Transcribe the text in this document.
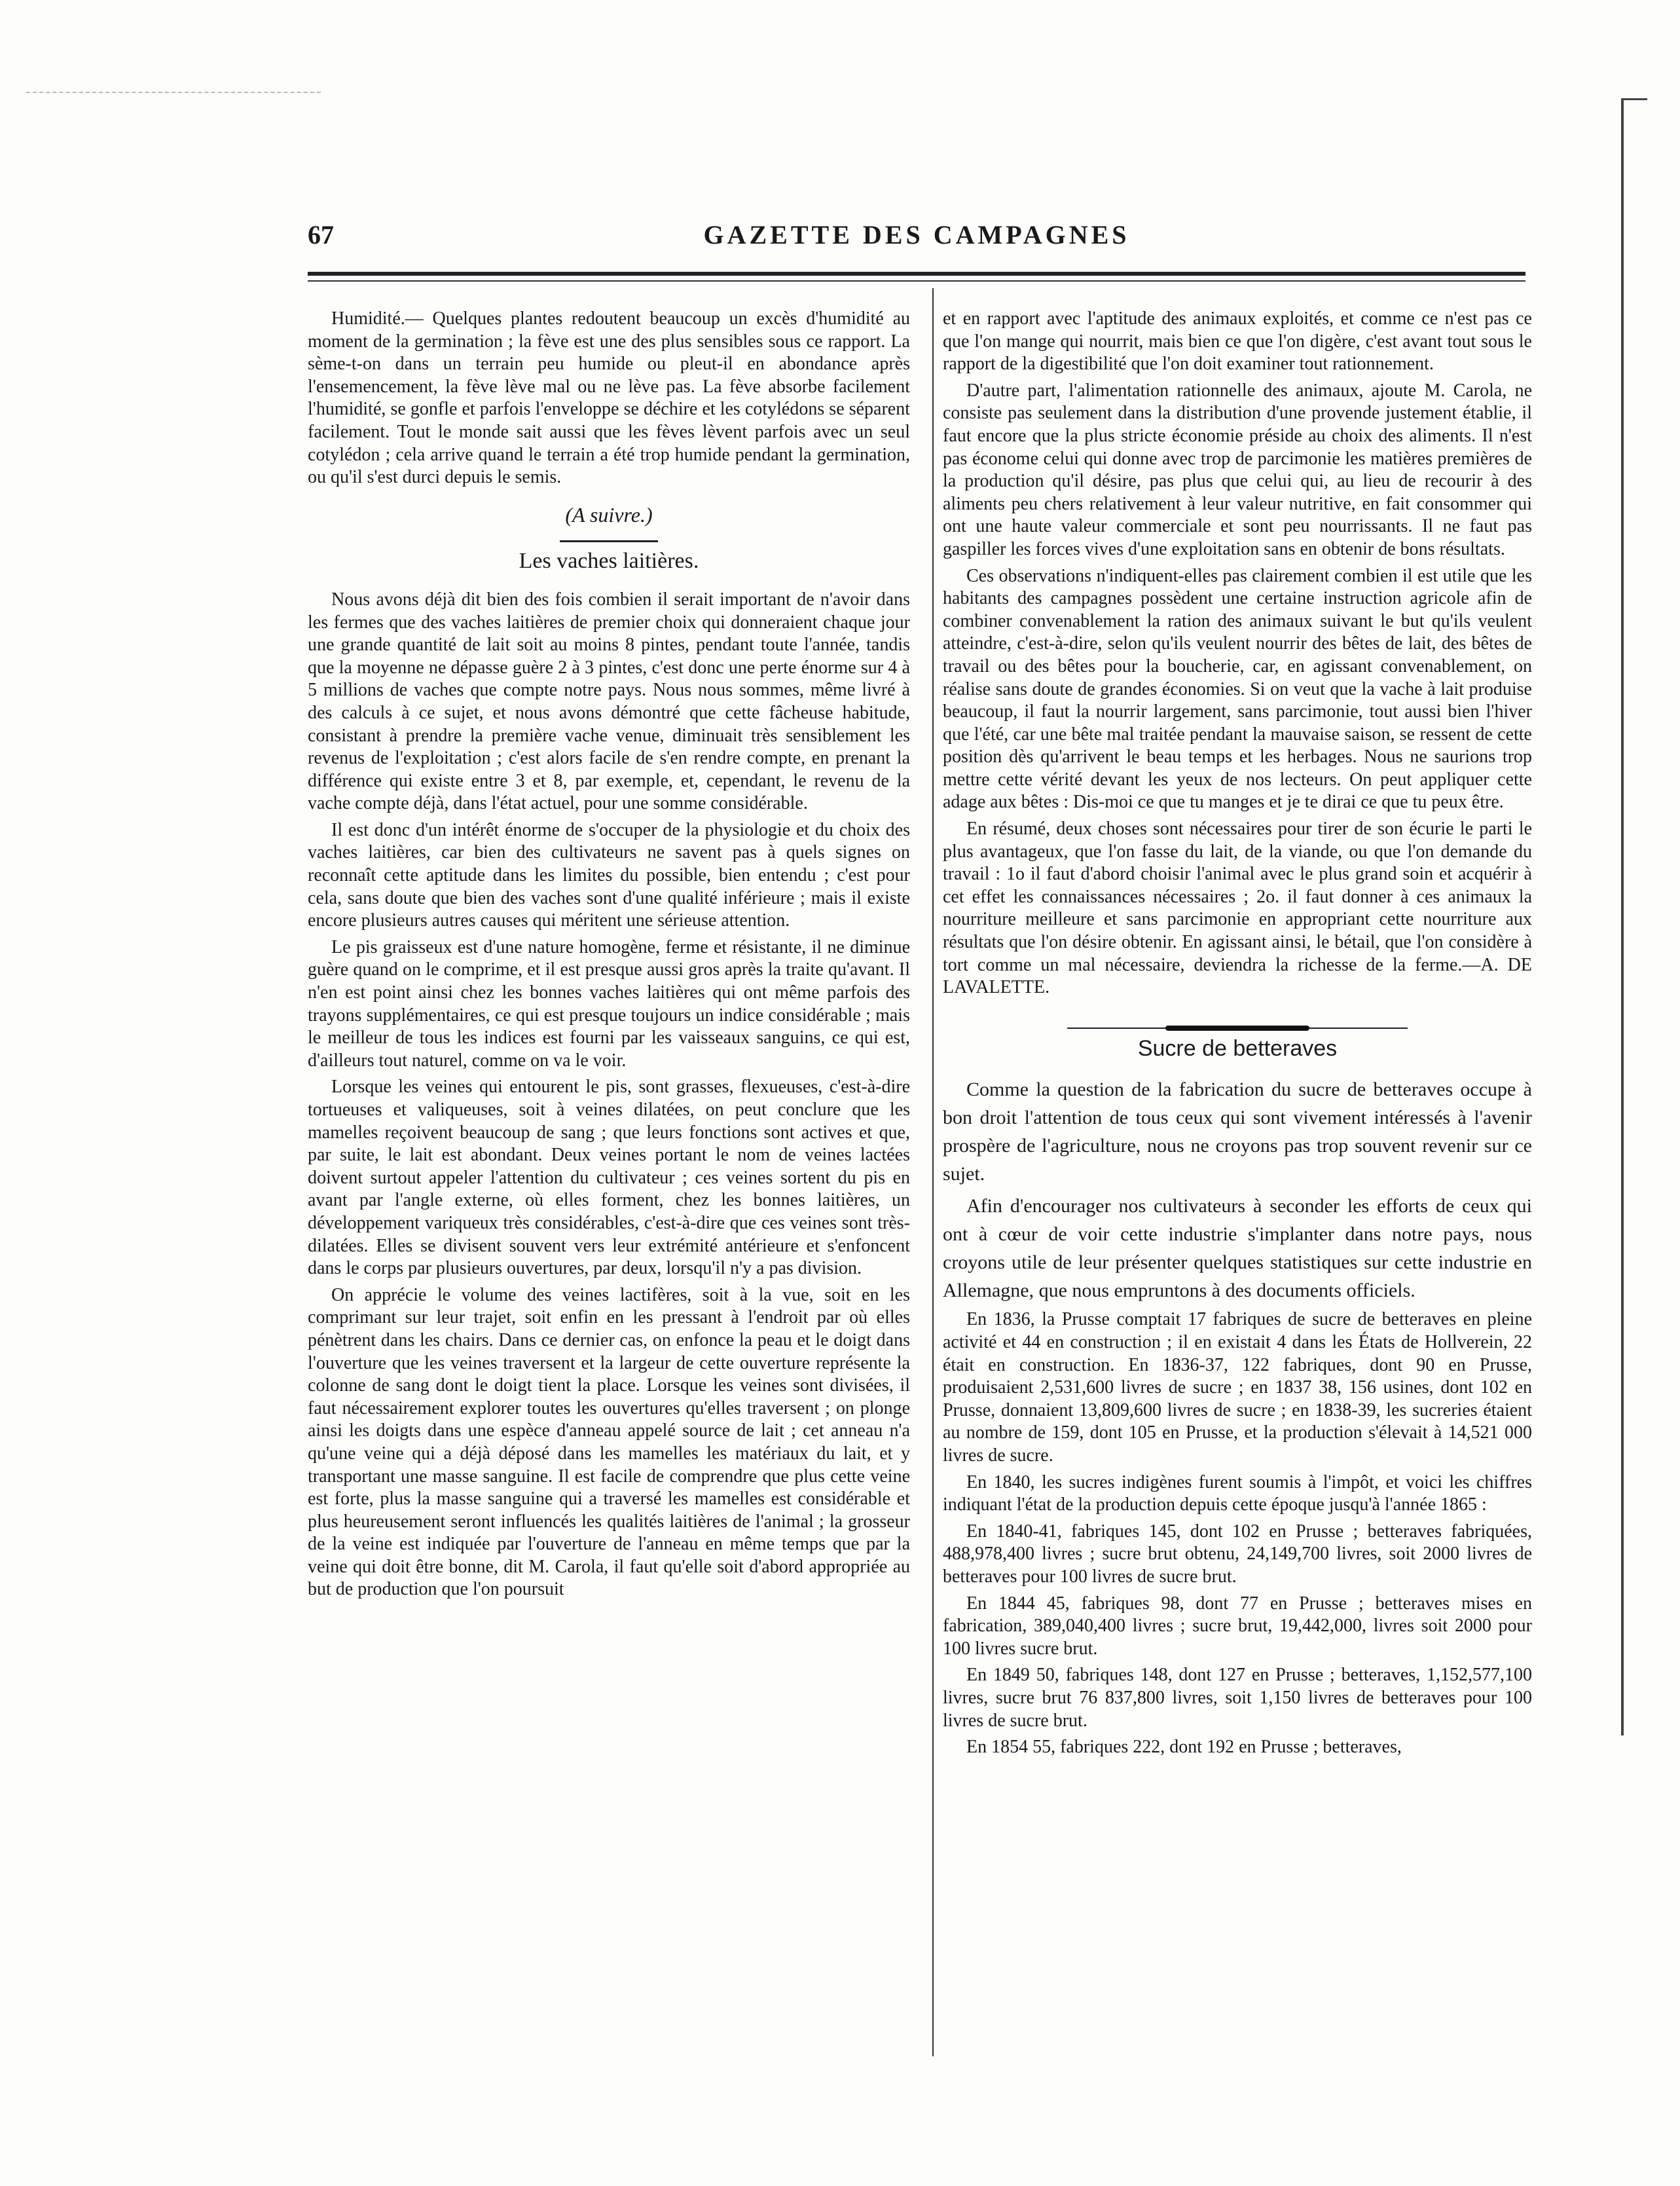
67	GAZETTE DES CAMPAGNES

Humidité.— Quelques plantes redoutent beaucoup un excès d'humidité au moment de la germination ; la fève est une des plus sensibles sous ce rapport. La sème-t-on dans un terrain peu humide ou pleut-il en abondance après l'ensemencement, la fève lève mal ou ne lève pas. La fève absorbe facilement l'humidité, se gonfle et parfois l'enveloppe se déchire et les cotylédons se séparent facilement. Tout le monde sait aussi que les fèves lèvent parfois avec un seul cotylédon ; cela arrive quand le terrain a été trop humide pendant la germination, ou qu'il s'est durci depuis le semis.

(A suivre.)
Les vaches laitières.

Nous avons déjà dit bien des fois combien il serait important de n'avoir dans les fermes que des vaches laitières de premier choix qui donneraient chaque jour une grande quantité de lait soit au moins 8 pintes, pendant toute l'année, tandis que la moyenne ne dépasse guère 2 à 3 pintes, c'est donc une perte énorme sur 4 à 5 millions de vaches que compte notre pays. Nous nous sommes, même livré à des calculs à ce sujet, et nous avons démontré que cette fâcheuse habitude, consistant à prendre la première vache venue, diminuait très sensiblement les revenus de l'exploitation ; c'est alors facile de s'en rendre compte, en prenant la différence qui existe entre 3 et 8, par exemple, et, cependant, le revenu de la vache compte déjà, dans l'état actuel, pour une somme considérable.

Il est donc d'un intérêt énorme de s'occuper de la physiologie et du choix des vaches laitières, car bien des cultivateurs ne savent pas à quels signes on reconnaît cette aptitude dans les limites du possible, bien entendu ; c'est pour cela, sans doute que bien des vaches sont d'une qualité inférieure ; mais il existe encore plusieurs autres causes qui méritent une sérieuse attention.

Le pis graisseux est d'une nature homogène, ferme et résistante, il ne diminue guère quand on le comprime, et il est presque aussi gros après la traite qu'avant. Il n'en est point ainsi chez les bonnes vaches laitières qui ont même parfois des trayons supplémentaires, ce qui est presque toujours un indice considérable ; mais le meilleur de tous les indices est fourni par les vaisseaux sanguins, ce qui est, d'ailleurs tout naturel, comme on va le voir.

Lorsque les veines qui entourent le pis, sont grasses, flexueuses, c'est-à-dire tortueuses et valiqueuses, soit à veines dilatées, on peut conclure que les mamelles reçoivent beaucoup de sang ; que leurs fonctions sont actives et que, par suite, le lait est abondant. Deux veines portant le nom de veines lactées doivent surtout appeler l'attention du cultivateur ; ces veines sortent du pis en avant par l'angle externe, où elles forment, chez les bonnes laitières, un développement variqueux très considérables, c'est-à-dire que ces veines sont très-dilatées. Elles se divisent souvent vers leur extrémité antérieure et s'enfoncent dans le corps par plusieurs ouvertures, par deux, lorsqu'il n'y a pas division.

On apprécie le volume des veines lactifères, soit à la vue, soit en les comprimant sur leur trajet, soit enfin en les pressant à l'endroit par où elles pénètrent dans les chairs. Dans ce dernier cas, on enfonce la peau et le doigt dans l'ouverture que les veines traversent et la largeur de cette ouverture représente la colonne de sang dont le doigt tient la place. Lorsque les veines sont divisées, il faut nécessairement explorer toutes les ouvertures qu'elles traversent ; on plonge ainsi les doigts dans une espèce d'anneau appelé source de lait ; cet anneau n'a qu'une veine qui a déjà déposé dans les mamelles les matériaux du lait, et y transportant une masse sanguine. Il est facile de comprendre que plus cette veine est forte, plus la masse sanguine qui a traversé les mamelles est considérable et plus heureusement seront influencés les qualités laitières de l'animal ; la grosseur de la veine est indiquée par l'ouverture de l'anneau en même temps que par la veine qui doit être bonne, dit M. Carola, il faut qu'elle soit d'abord appropriée au but de production que l'on poursuit

et en rapport avec l'aptitude des animaux exploités, et comme ce n'est pas ce que l'on mange qui nourrit, mais bien ce que l'on digère, c'est avant tout sous le rapport de la digestibilité que l'on doit examiner tout rationnement.

D'autre part, l'alimentation rationnelle des animaux, ajoute M. Carola, ne consiste pas seulement dans la distribution d'une provende justement établie, il faut encore que la plus stricte économie préside au choix des aliments. Il n'est pas économe celui qui donne avec trop de parcimonie les matières premières de la production qu'il désire, pas plus que celui qui, au lieu de recourir à des aliments peu chers relativement à leur valeur nutritive, en fait consommer qui ont une haute valeur commerciale et sont peu nourrissants. Il ne faut pas gaspiller les forces vives d'une exploitation sans en obtenir de bons résultats.

Ces observations n'indiquent-elles pas clairement combien il est utile que les habitants des campagnes possèdent une certaine instruction agricole afin de combiner convenablement la ration des animaux suivant le but qu'ils veulent atteindre, c'est-à-dire, selon qu'ils veulent nourrir des bêtes de lait, des bêtes de travail ou des bêtes pour la boucherie, car, en agissant convenablement, on réalise sans doute de grandes économies. Si on veut que la vache à lait produise beaucoup, il faut la nourrir largement, sans parcimonie, tout aussi bien l'hiver que l'été, car une bête mal traitée pendant la mauvaise saison, se ressent de cette position dès qu'arrivent le beau temps et les herbages. Nous ne saurions trop mettre cette vérité devant les yeux de nos lecteurs. On peut appliquer cette adage aux bêtes : Dis-moi ce que tu manges et je te dirai ce que tu peux être.

En résumé, deux choses sont nécessaires pour tirer de son écurie le parti le plus avantageux, que l'on fasse du lait, de la viande, ou que l'on demande du travail : 1o il faut d'abord choisir l'animal avec le plus grand soin et acquérir à cet effet les connaissances nécessaires ; 2o. il faut donner à ces animaux la nourriture meilleure et sans parcimonie en appropriant cette nourriture aux résultats que l'on désire obtenir. En agissant ainsi, le bétail, que l'on considère à tort comme un mal nécessaire, deviendra la richesse de la ferme.—A. DE LAVALETTE.

Sucre de betteraves

Comme la question de la fabrication du sucre de betteraves occupe à bon droit l'attention de tous ceux qui sont vivement intéressés à l'avenir prospère de l'agriculture, nous ne croyons pas trop souvent revenir sur ce sujet.

Afin d'encourager nos cultivateurs à seconder les efforts de ceux qui ont à cœur de voir cette industrie s'implanter dans notre pays, nous croyons utile de leur présenter quelques statistiques sur cette industrie en Allemagne, que nous empruntons à des documents officiels.

En 1836, la Prusse comptait 17 fabriques de sucre de betteraves en pleine activité et 44 en construction ; il en existait 4 dans les États de Hollverein, 22 était en construction. En 1836-37, 122 fabriques, dont 90 en Prusse, produisaient 2,531,600 livres de sucre ; en 1837 38, 156 usines, dont 102 en Prusse, donnaient 13,809,600 livres de sucre ; en 1838-39, les sucreries étaient au nombre de 159, dont 105 en Prusse, et la production s'élevait à 14,521 000 livres de sucre.

En 1840, les sucres indigènes furent soumis à l'impôt, et voici les chiffres indiquant l'état de la production depuis cette époque jusqu'à l'année 1865 :

En 1840-41, fabriques 145, dont 102 en Prusse ; betteraves fabriquées, 488,978,400 livres ; sucre brut obtenu, 24,149,700 livres, soit 2000 livres de betteraves pour 100 livres de sucre brut.

En 1844 45, fabriques 98, dont 77 en Prusse ; betteraves mises en fabrication, 389,040,400 livres ; sucre brut, 19,442,000, livres soit 2000 pour 100 livres sucre brut.

En 1849 50, fabriques 148, dont 127 en Prusse ; betteraves, 1,152,577,100 livres, sucre brut 76 837,800 livres, soit 1,150 livres de betteraves pour 100 livres de sucre brut.

En 1854 55, fabriques 222, dont 192 en Prusse ; betteraves,
